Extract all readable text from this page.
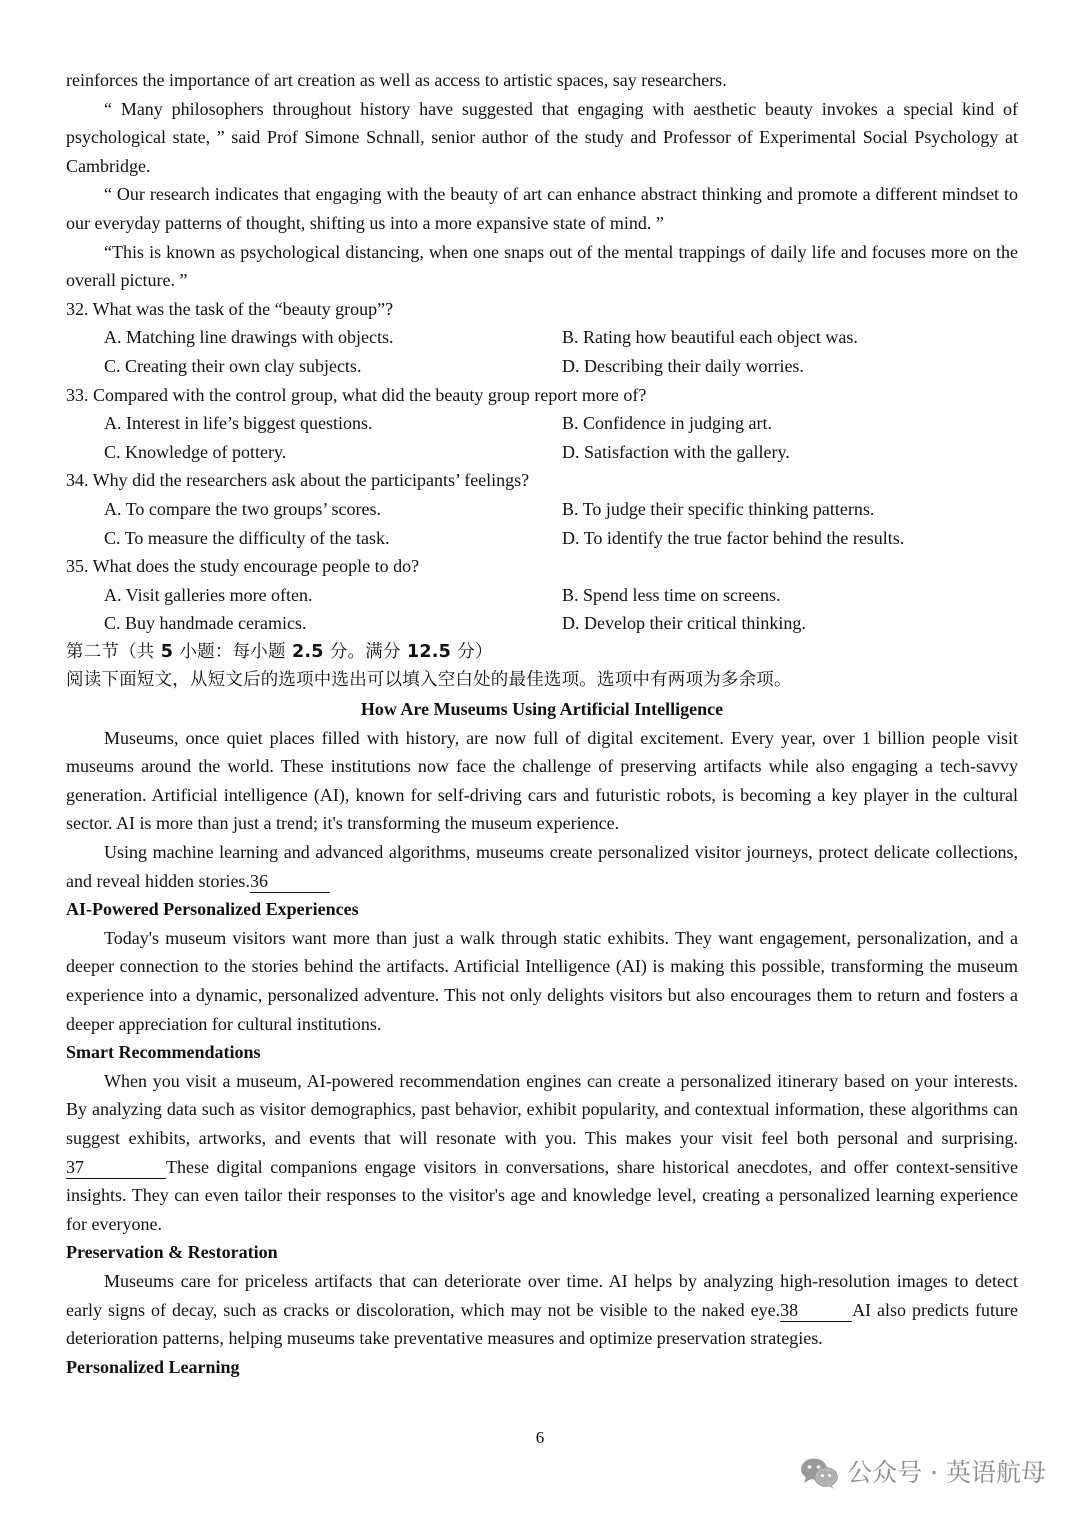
reinforces the importance of art creation as well as access to artistic spaces, say researchers.

“ Many philosophers throughout history have suggested that engaging with aesthetic beauty invokes a special kind of psychological state, ” said Prof Simone Schnall, senior author of the study and Professor of Experimental Social Psychology at Cambridge.

“ Our research indicates that engaging with the beauty of art can enhance abstract thinking and promote a different mindset to our everyday patterns of thought, shifting us into a more expansive state of mind. ”

“This is known as psychological distancing, when one snaps out of the mental trappings of daily life and focuses more on the overall picture. ”

32. What was the task of the “beauty group”?

A. Matching line drawings with objects.	B. Rating how beautiful each object was.
C. Creating their own clay subjects.	D. Describing their daily worries.

33. Compared with the control group, what did the beauty group report more of?

A. Interest in life’s biggest questions.	B. Confidence in judging art.
C. Knowledge of pottery.	D. Satisfaction with the gallery.

34. Why did the researchers ask about the participants’ feelings?

A. To compare the two groups’ scores.	B. To judge their specific thinking patterns.
C. To measure the difficulty of the task.	D. To identify the true factor behind the results.

35. What does the study encourage people to do?

A. Visit galleries more often.	B. Spend less time on screens.
C. Buy handmade ceramics.	D. Develop their critical thinking.

第二节（共 5 小题：每小题 2.5 分。满分 12.5 分）

阅读下面短文，从短文后的选项中选出可以填入空白处的最佳选项。选项中有两项为多余项。

How Are Museums Using Artificial Intelligence

Museums, once quiet places filled with history, are now full of digital excitement. Every year, over 1 billion people visit museums around the world. These institutions now face the challenge of preserving artifacts while also engaging a tech-savvy generation. Artificial intelligence (AI), known for self-driving cars and futuristic robots, is becoming a key player in the cultural sector. AI is more than just a trend; it's transforming the museum experience.

Using machine learning and advanced algorithms, museums create personalized visitor journeys, protect delicate collections, and reveal hidden stories.36

AI-Powered Personalized Experiences

Today's museum visitors want more than just a walk through static exhibits. They want engagement, personalization, and a deeper connection to the stories behind the artifacts. Artificial Intelligence (AI) is making this possible, transforming the museum experience into a dynamic, personalized adventure. This not only delights visitors but also encourages them to return and fosters a deeper appreciation for cultural institutions.

Smart Recommendations

When you visit a museum, AI-powered recommendation engines can create a personalized itinerary based on your interests. By analyzing data such as visitor demographics, past behavior, exhibit popularity, and contextual information, these algorithms can suggest exhibits, artworks, and events that will resonate with you. This makes your visit feel both personal and surprising.37	These digital companions engage visitors in conversations, share historical anecdotes, and offer context-sensitive insights. They can even tailor their responses to the visitor's age and knowledge level, creating a personalized learning experience for everyone.

Preservation & Restoration

Museums care for priceless artifacts that can deteriorate over time. AI helps by analyzing high-resolution images to detect early signs of decay, such as cracks or discoloration, which may not be visible to the naked eye.38	AI also predicts future deterioration patterns, helping museums take preventative measures and optimize preservation strategies.

Personalized Learning

6
公众号 · 英语航母
